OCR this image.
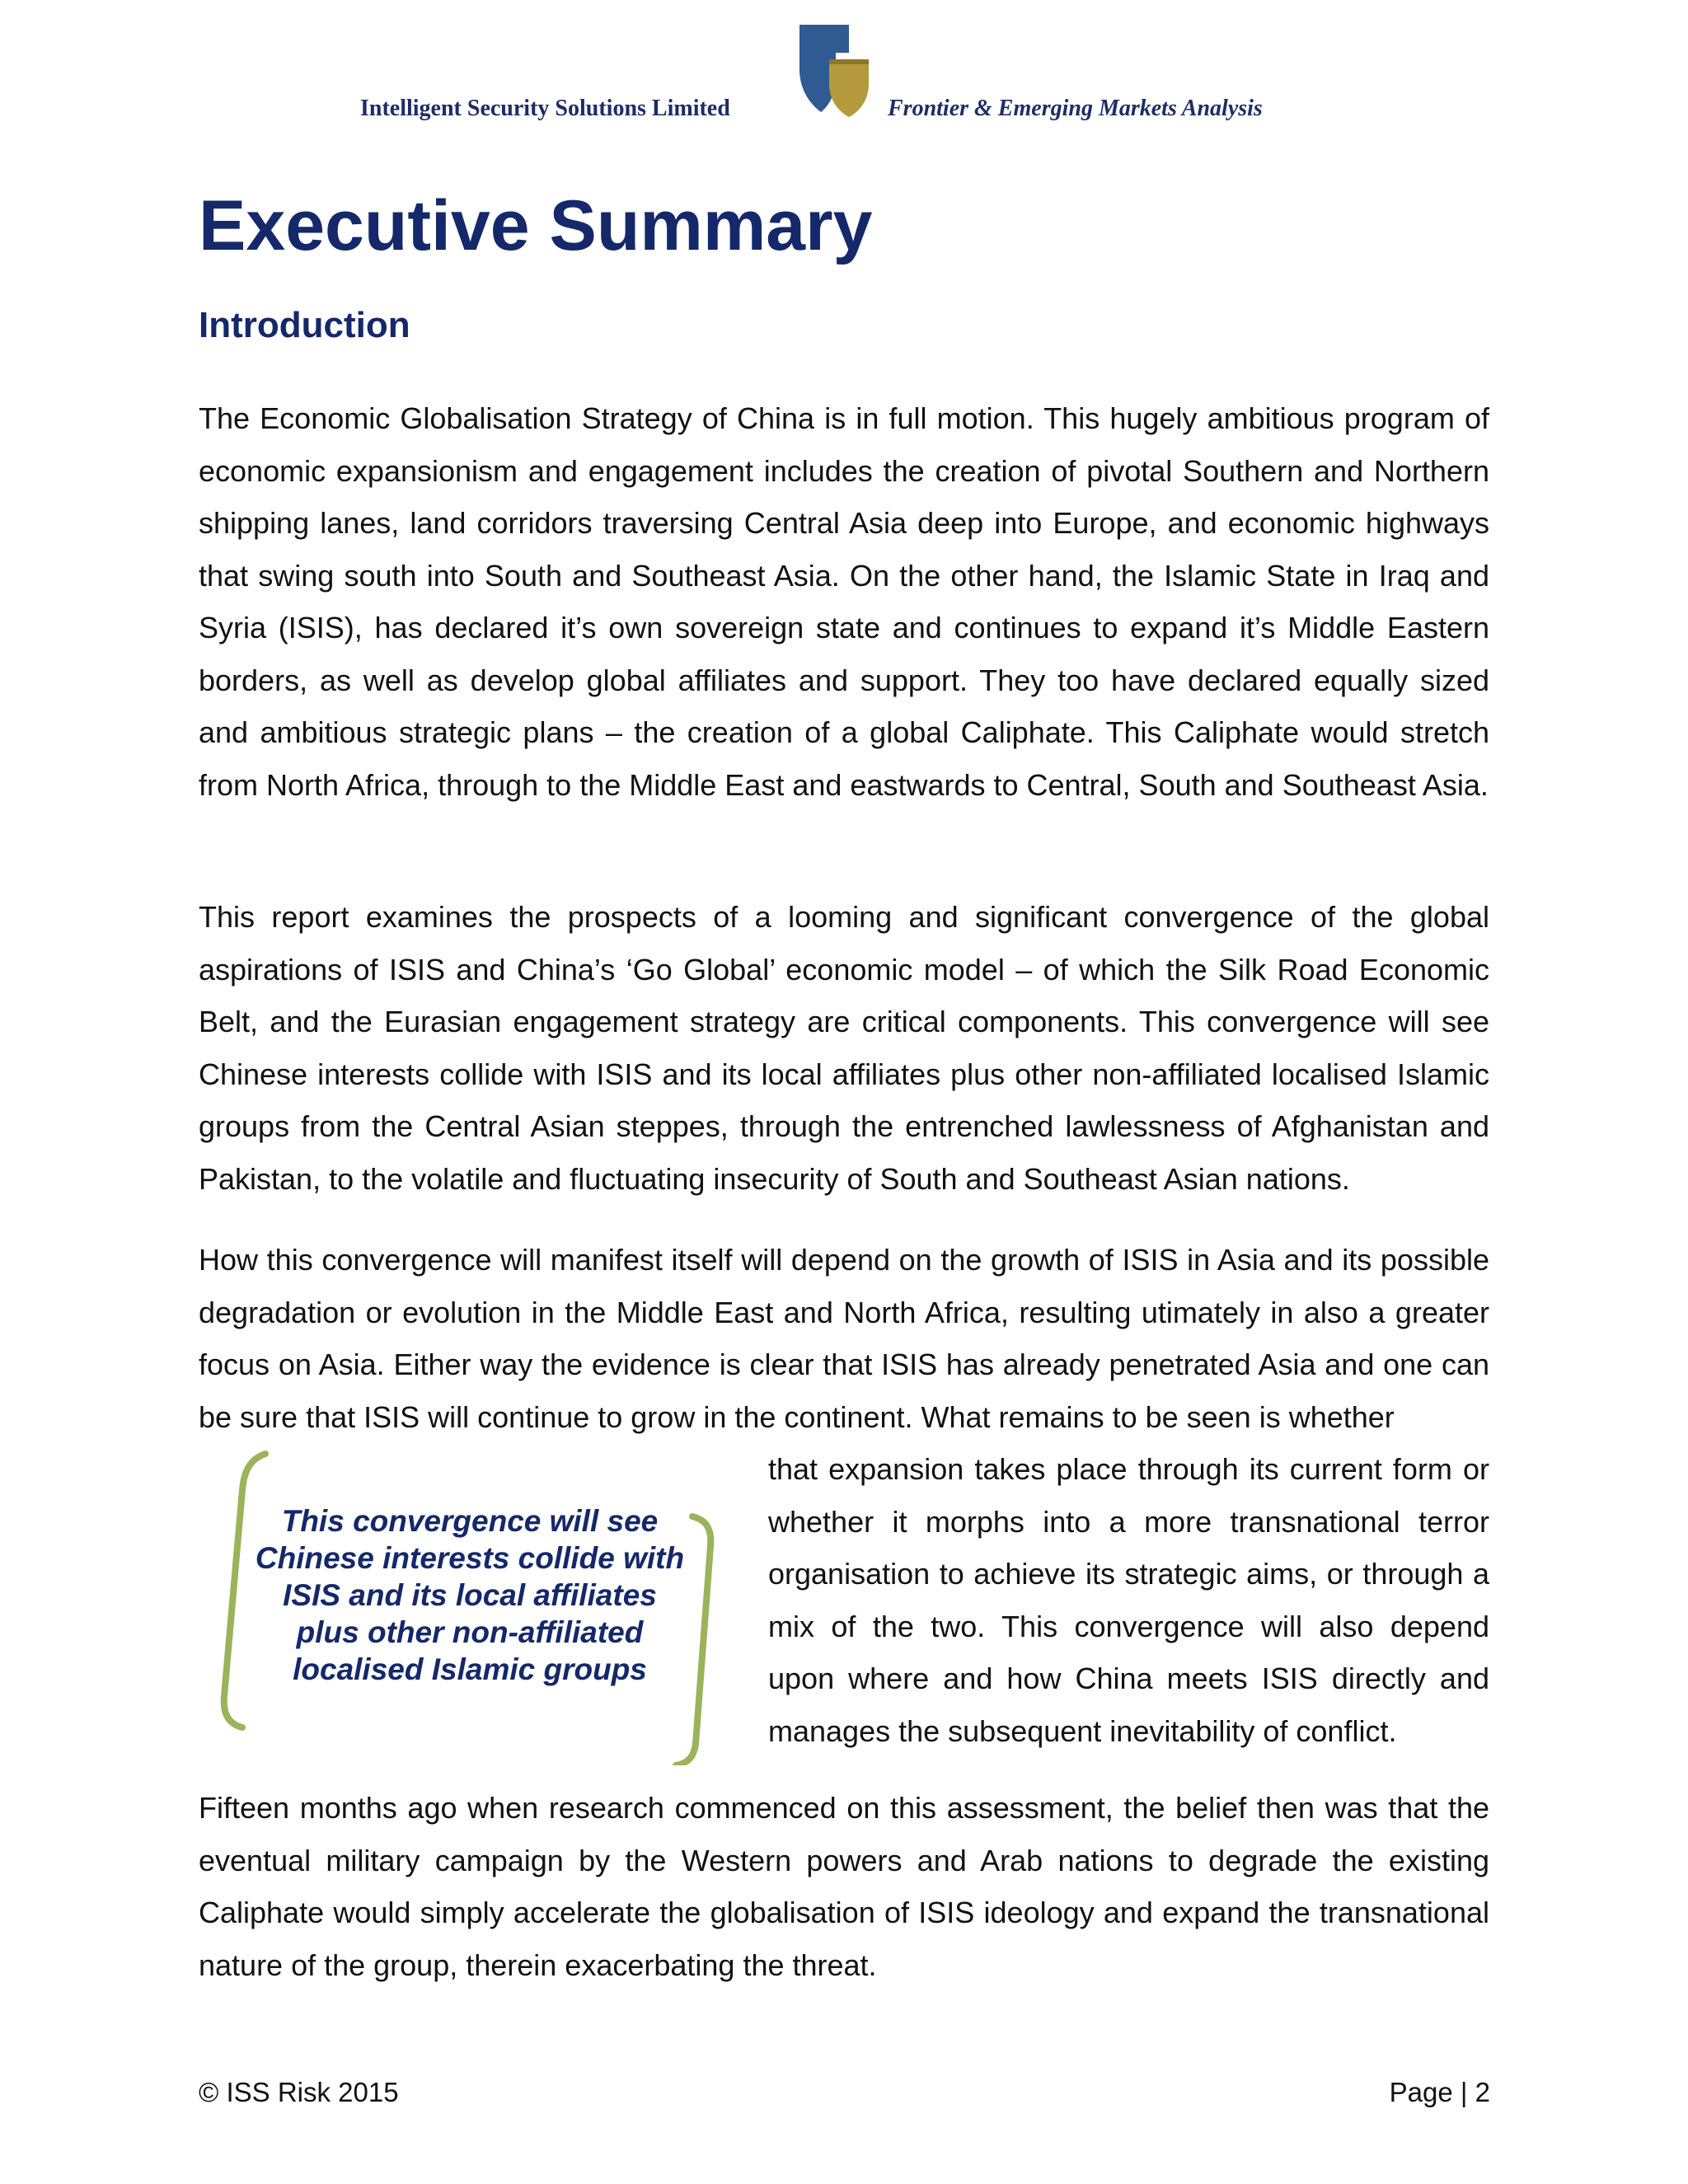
Intelligent Security Solutions Limited	Frontier & Emerging Markets Analysis
Executive Summary
Introduction

The Economic Globalisation Strategy of China is in full motion. This hugely ambitious program of economic expansionism and engagement includes the creation of pivotal Southern and Northern shipping lanes, land corridors traversing Central Asia deep into Europe, and economic highways that swing south into South and Southeast Asia. On the other hand, the Islamic State in Iraq and Syria (ISIS), has declared it’s own sovereign state and continues to expand it’s Middle Eastern borders, as well as develop global affiliates and support. They too have declared equally sized and ambitious strategic plans – the creation of a global Caliphate. This Caliphate would stretch from North Africa, through to the Middle East and eastwards to Central, South and Southeast Asia.

This report examines the prospects of a looming and significant convergence of the global aspirations of ISIS and China’s ‘Go Global’ economic model – of which the Silk Road Economic Belt, and the Eurasian engagement strategy are critical components. This convergence will see Chinese interests collide with ISIS and its local affiliates plus other non-affiliated localised Islamic groups from the Central Asian steppes, through the entrenched lawlessness of Afghanistan and Pakistan, to the volatile and fluctuating insecurity of South and Southeast Asian nations.

How this convergence will manifest itself will depend on the growth of ISIS in Asia and its possible degradation or evolution in the Middle East and North Africa, resulting utimately in also a greater focus on Asia. Either way the evidence is clear that ISIS has already penetrated Asia and one can be sure that ISIS will continue to grow in the continent. What remains to be seen is whether

that expansion takes place through its current form or whether it morphs into a more transnational terror organisation to achieve its strategic aims, or through a mix of the two. This convergence will also depend upon where and how China meets ISIS directly and manages the subsequent inevitability of conflict.

This convergence will see Chinese interests collide with ISIS and its local affiliates plus other non-affiliated localised Islamic groups

Fifteen months ago when research commenced on this assessment, the belief then was that the eventual military campaign by the Western powers and Arab nations to degrade the existing Caliphate would simply accelerate the globalisation of ISIS ideology and expand the transnational nature of the group, therein exacerbating the threat.

© ISS Risk 2015	Page | 2
